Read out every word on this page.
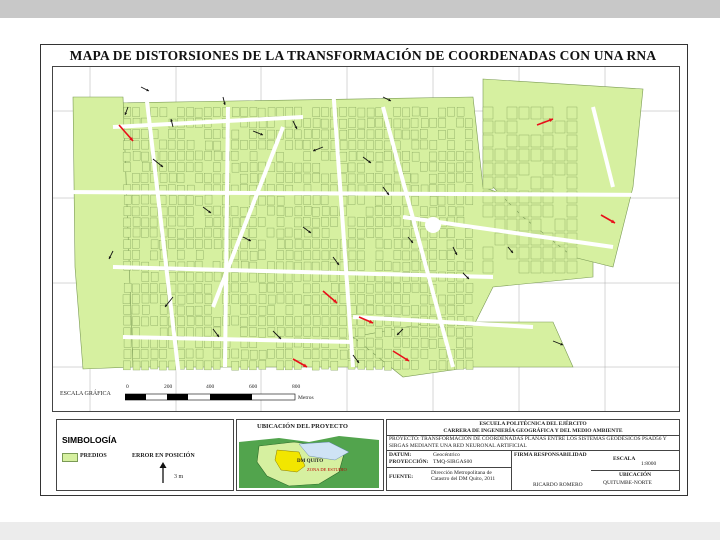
MAPA DE DISTORSIONES DE LA TRANSFORMACIÓN DE COORDENADAS CON UNA RNA
ESCALA GRÁFICA
0	200	400	600	800
Metros
SIMBOLOGÍA
PREDIOS	ERROR EN POSICIÓN
3 m
UBICACIÓN DEL PROYECTO
DM QUITO
ZONA DE ESTUDIO
ESCUELA POLITÉCNICA DEL EJÉRCITO
CARRERA DE INGENIERÍA GEOGRÁFICA Y DEL MEDIO AMBIENTE
PROYECTO: TRANSFORMACIÓN DE COORDENADAS PLANAS ENTRE LOS SISTEMAS GEODÉSICOS PSAD56 Y SIRGAS MEDIANTE UNA RED NEURONAL ARTIFICIAL
DATUM:	Geocéntrico
PROYECCIÓN: TMQ-SIRGAS00
FUENTE:
Dirección Metropolitana de Catastro del DM Quito, 2011
FIRMA RESPONSABILIDAD
ESCALA
1:8000
UBICACIÓN
QUITUMBE-NORTE
RICARDO ROMERO
